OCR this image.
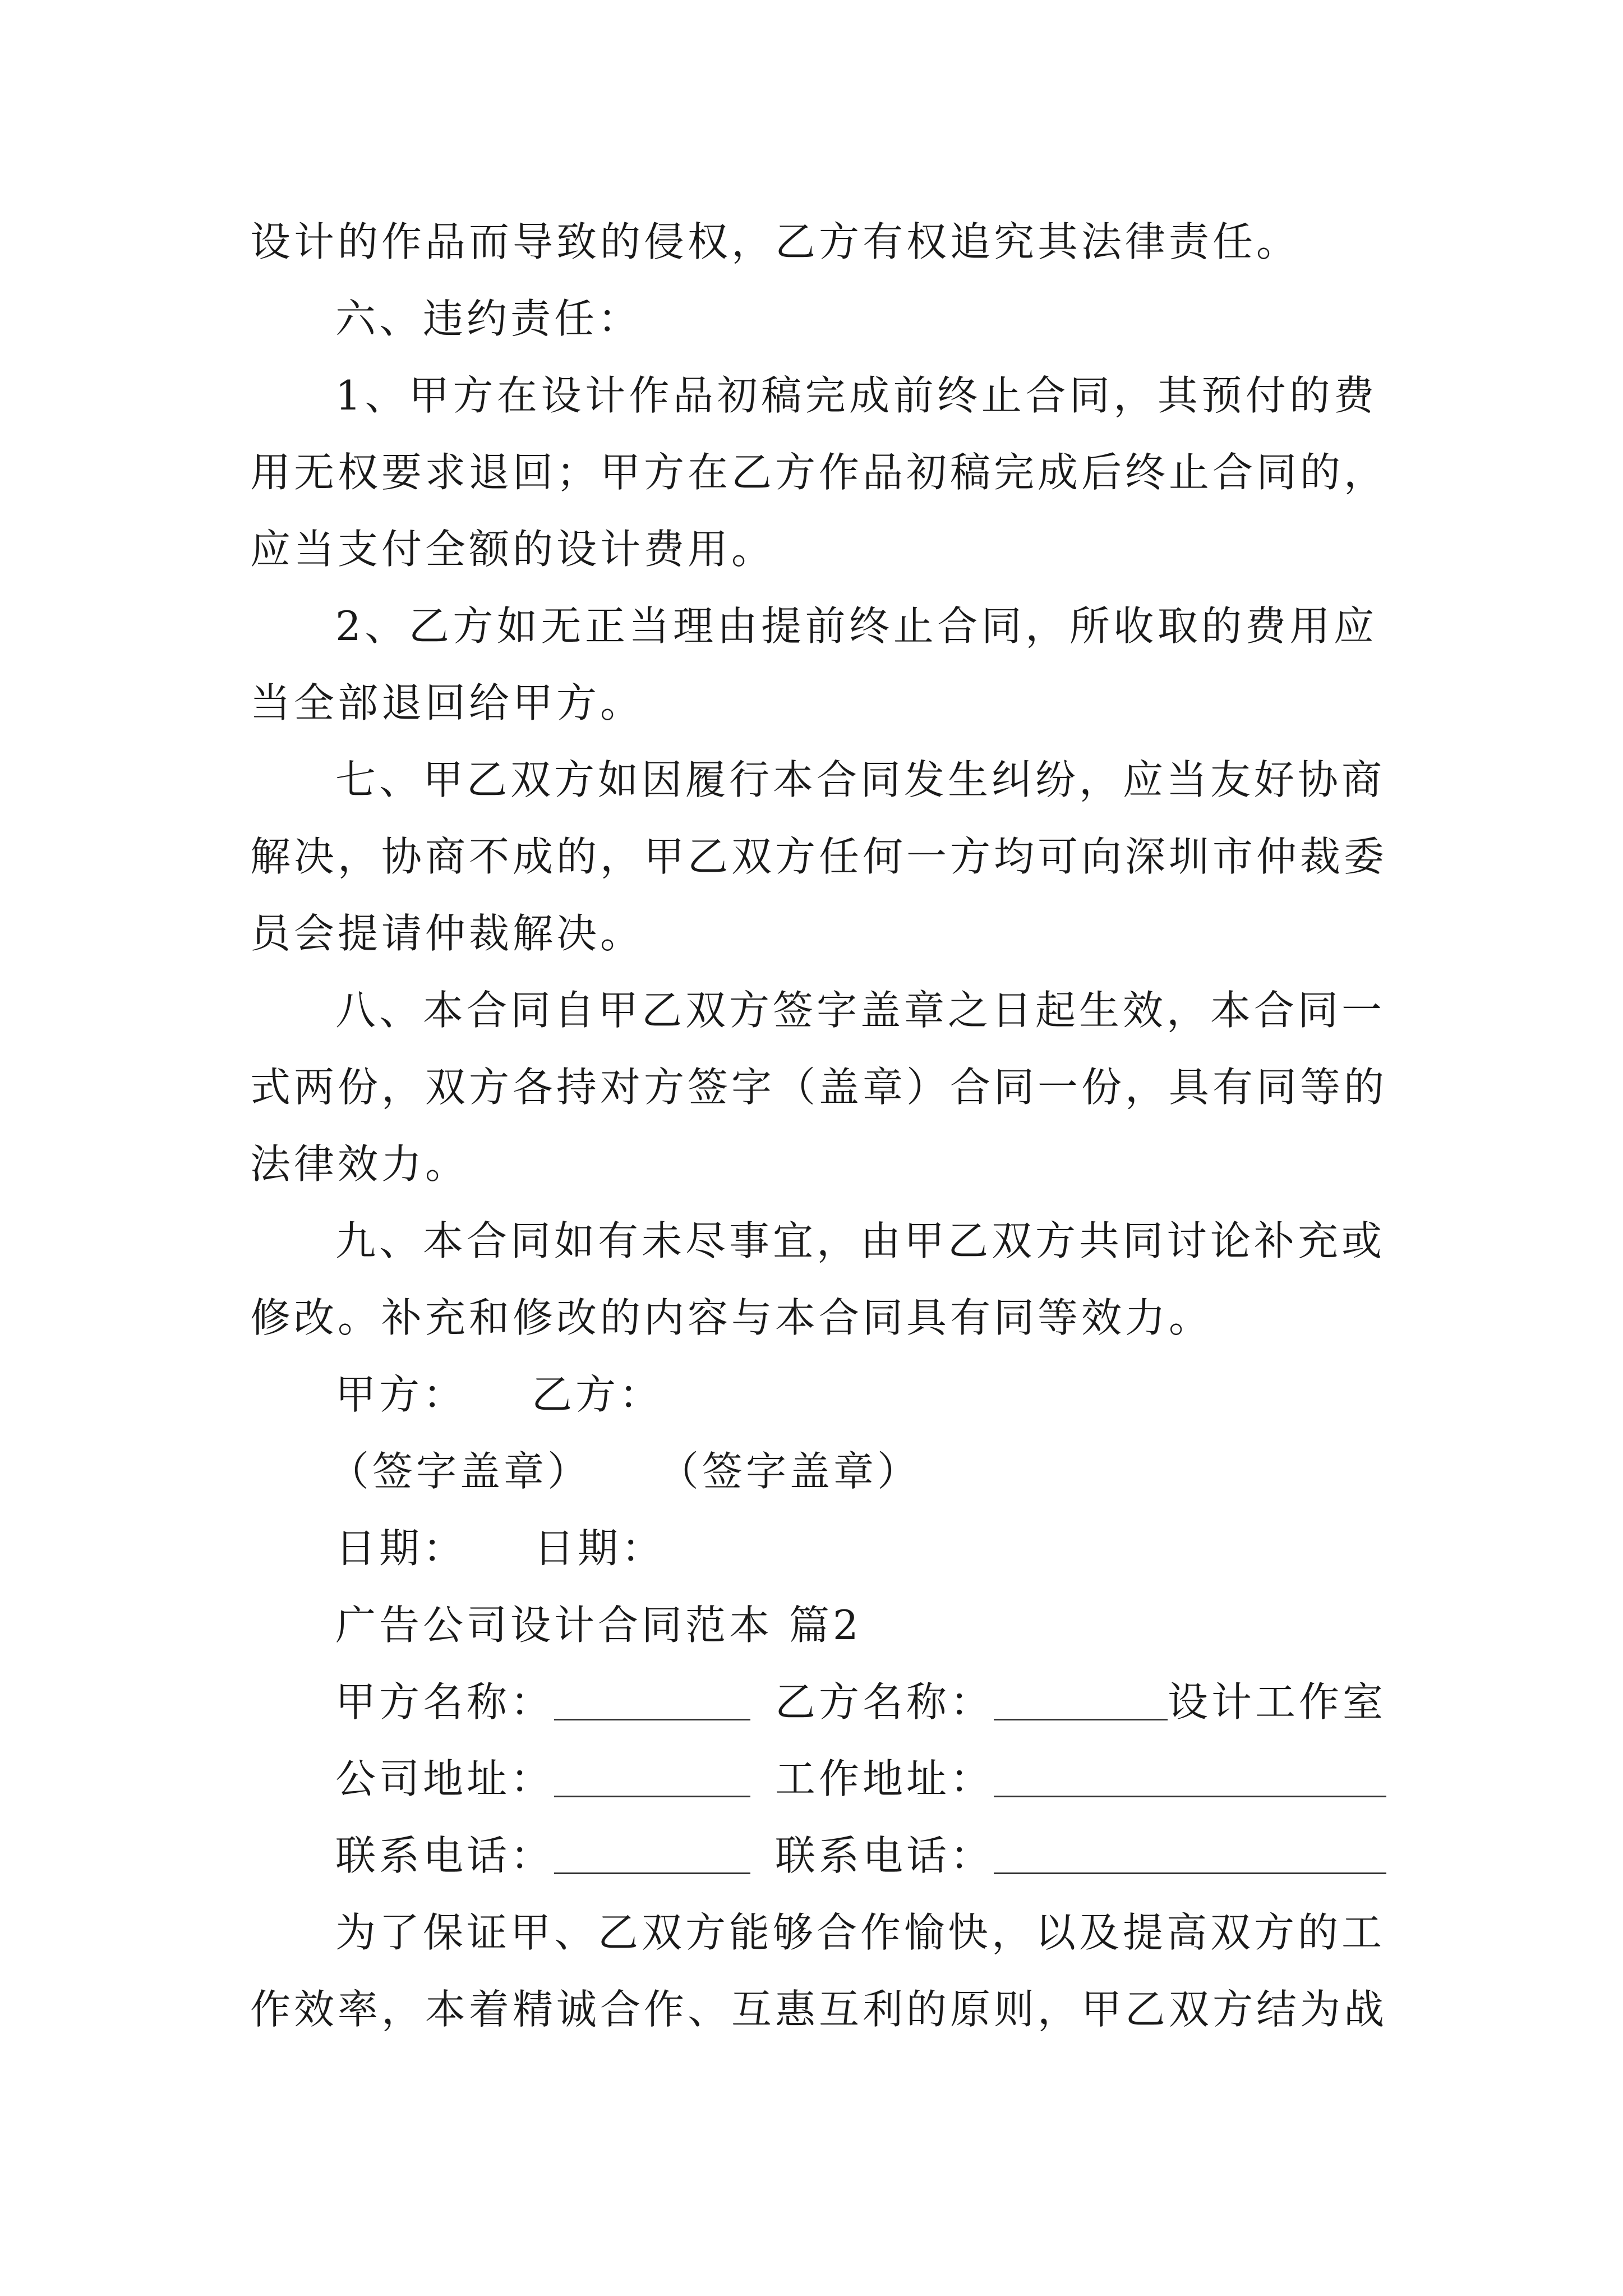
设计的作品而导致的侵权，乙方有权追究其法律责任。
六、违约责任：
1、甲方在设计作品初稿完成前终止合同，其预付的费
用无权要求退回；甲方在乙方作品初稿完成后终止合同的，
应当支付全额的设计费用。
2、乙方如无正当理由提前终止合同，所收取的费用应
当全部退回给甲方。
七、甲乙双方如因履行本合同发生纠纷，应当友好协商
解决，协商不成的，甲乙双方任何一方均可向深圳市仲裁委
员会提请仲裁解决。
八、本合同自甲乙双方签字盖章之日起生效，本合同一
式两份，双方各持对方签字（盖章）合同一份，具有同等的
法律效力。
九、本合同如有未尽事宜，由甲乙双方共同讨论补充或
修改。补充和修改的内容与本合同具有同等效力。
甲方： 乙方：
（签字盖章） （签字盖章）
日期： 日期：
广告公司设计合同范本 篇2
甲方名称：	乙方名称：	设计工作室
公司地址：	工作地址：
联系电话：	联系电话：
为了保证甲、乙双方能够合作愉快，以及提高双方的工
作效率，本着精诚合作、互惠互利的原则，甲乙双方结为战
